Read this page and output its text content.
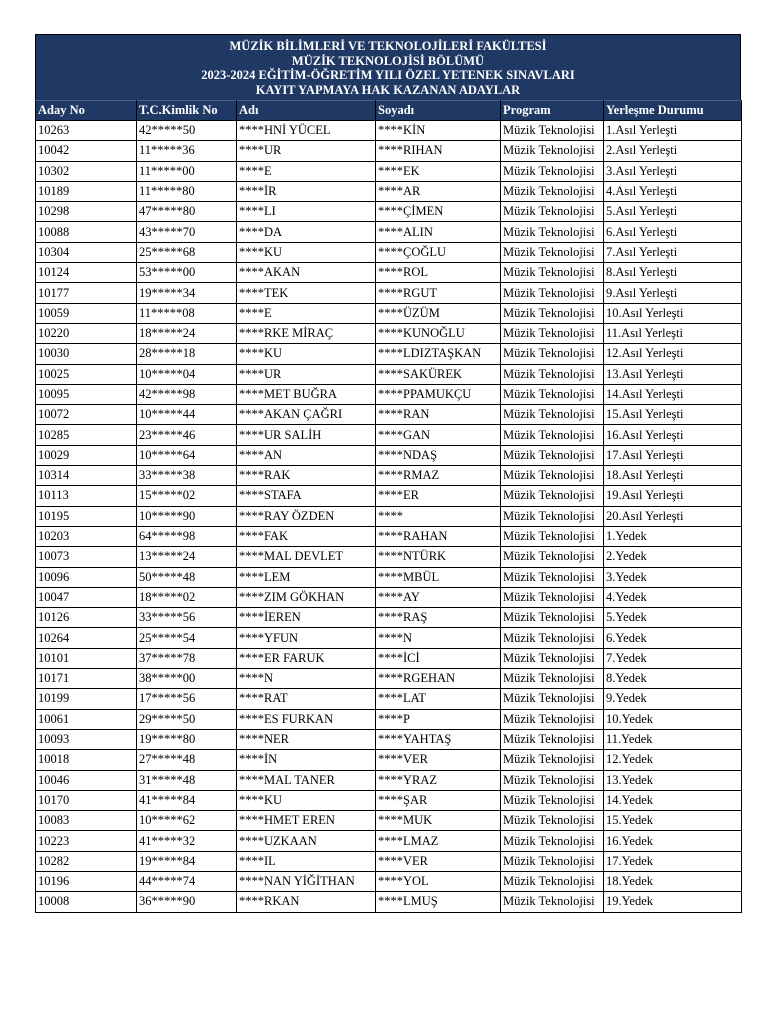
MÜZİK BİLİMLERİ VE TEKNOLOJİLERİ FAKÜLTESİ
MÜZİK TEKNOLOJİSİ BÖLÜMÜ
2023-2024 EĞİTİM-ÖĞRETİM YILI ÖZEL YETENEK SINAVLARI
KAYIT YAPMAYA HAK KAZANAN ADAYLAR
Aday No	T.C.Kimlik No	Adı	Soyadı	Program	Yerleşme Durumu
10263	42*****50	****HNİ YÜCEL	****KİN	Müzik Teknolojisi	1.Asıl Yerleşti
10042	11*****36	****UR	****RIHAN	Müzik Teknolojisi	2.Asıl Yerleşti
10302	11*****00	****E	****EK	Müzik Teknolojisi	3.Asıl Yerleşti
10189	11*****80	****İR	****AR	Müzik Teknolojisi	4.Asıl Yerleşti
10298	47*****80	****LI	****ÇİMEN	Müzik Teknolojisi	5.Asıl Yerleşti
10088	43*****70	****DA	****ALIN	Müzik Teknolojisi	6.Asıl Yerleşti
10304	25*****68	****KU	****ÇOĞLU	Müzik Teknolojisi	7.Asıl Yerleşti
10124	53*****00	****AKAN	****ROL	Müzik Teknolojisi	8.Asıl Yerleşti
10177	19*****34	****TEK	****RGUT	Müzik Teknolojisi	9.Asıl Yerleşti
10059	11*****08	****E	****ÜZÜM	Müzik Teknolojisi	10.Asıl Yerleşti
10220	18*****24	****RKE MİRAÇ	****KUNOĞLU	Müzik Teknolojisi	11.Asıl Yerleşti
10030	28*****18	****KU	****LDIZTAŞKAN	Müzik Teknolojisi	12.Asıl Yerleşti
10025	10*****04	****UR	****SAKÜREK	Müzik Teknolojisi	13.Asıl Yerleşti
10095	42*****98	****MET BUĞRA	****PPAMUKÇU	Müzik Teknolojisi	14.Asıl Yerleşti
10072	10*****44	****AKAN ÇAĞRI	****RAN	Müzik Teknolojisi	15.Asıl Yerleşti
10285	23*****46	****UR SALİH	****GAN	Müzik Teknolojisi	16.Asıl Yerleşti
10029	10*****64	****AN	****NDAŞ	Müzik Teknolojisi	17.Asıl Yerleşti
10314	33*****38	****RAK	****RMAZ	Müzik Teknolojisi	18.Asıl Yerleşti
10113	15*****02	****STAFA	****ER	Müzik Teknolojisi	19.Asıl Yerleşti
10195	10*****90	****RAY ÖZDEN	****	Müzik Teknolojisi	20.Asıl Yerleşti
10203	64*****98	****FAK	****RAHAN	Müzik Teknolojisi	1.Yedek
10073	13*****24	****MAL DEVLET	****NTÜRK	Müzik Teknolojisi	2.Yedek
10096	50*****48	****LEM	****MBÜL	Müzik Teknolojisi	3.Yedek
10047	18*****02	****ZIM GÖKHAN	****AY	Müzik Teknolojisi	4.Yedek
10126	33*****56	****İEREN	****RAŞ	Müzik Teknolojisi	5.Yedek
10264	25*****54	****YFUN	****N	Müzik Teknolojisi	6.Yedek
10101	37*****78	****ER FARUK	****İCİ	Müzik Teknolojisi	7.Yedek
10171	38*****00	****N	****RGEHAN	Müzik Teknolojisi	8.Yedek
10199	17*****56	****RAT	****LAT	Müzik Teknolojisi	9.Yedek
10061	29*****50	****ES FURKAN	****P	Müzik Teknolojisi	10.Yedek
10093	19*****80	****NER	****YAHTAŞ	Müzik Teknolojisi	11.Yedek
10018	27*****48	****İN	****VER	Müzik Teknolojisi	12.Yedek
10046	31*****48	****MAL TANER	****YRAZ	Müzik Teknolojisi	13.Yedek
10170	41*****84	****KU	****ŞAR	Müzik Teknolojisi	14.Yedek
10083	10*****62	****HMET EREN	****MUK	Müzik Teknolojisi	15.Yedek
10223	41*****32	****UZKAAN	****LMAZ	Müzik Teknolojisi	16.Yedek
10282	19*****84	****IL	****VER	Müzik Teknolojisi	17.Yedek
10196	44*****74	****NAN YİĞİTHAN	****YOL	Müzik Teknolojisi	18.Yedek
10008	36*****90	****RKAN	****LMUŞ	Müzik Teknolojisi	19.Yedek
